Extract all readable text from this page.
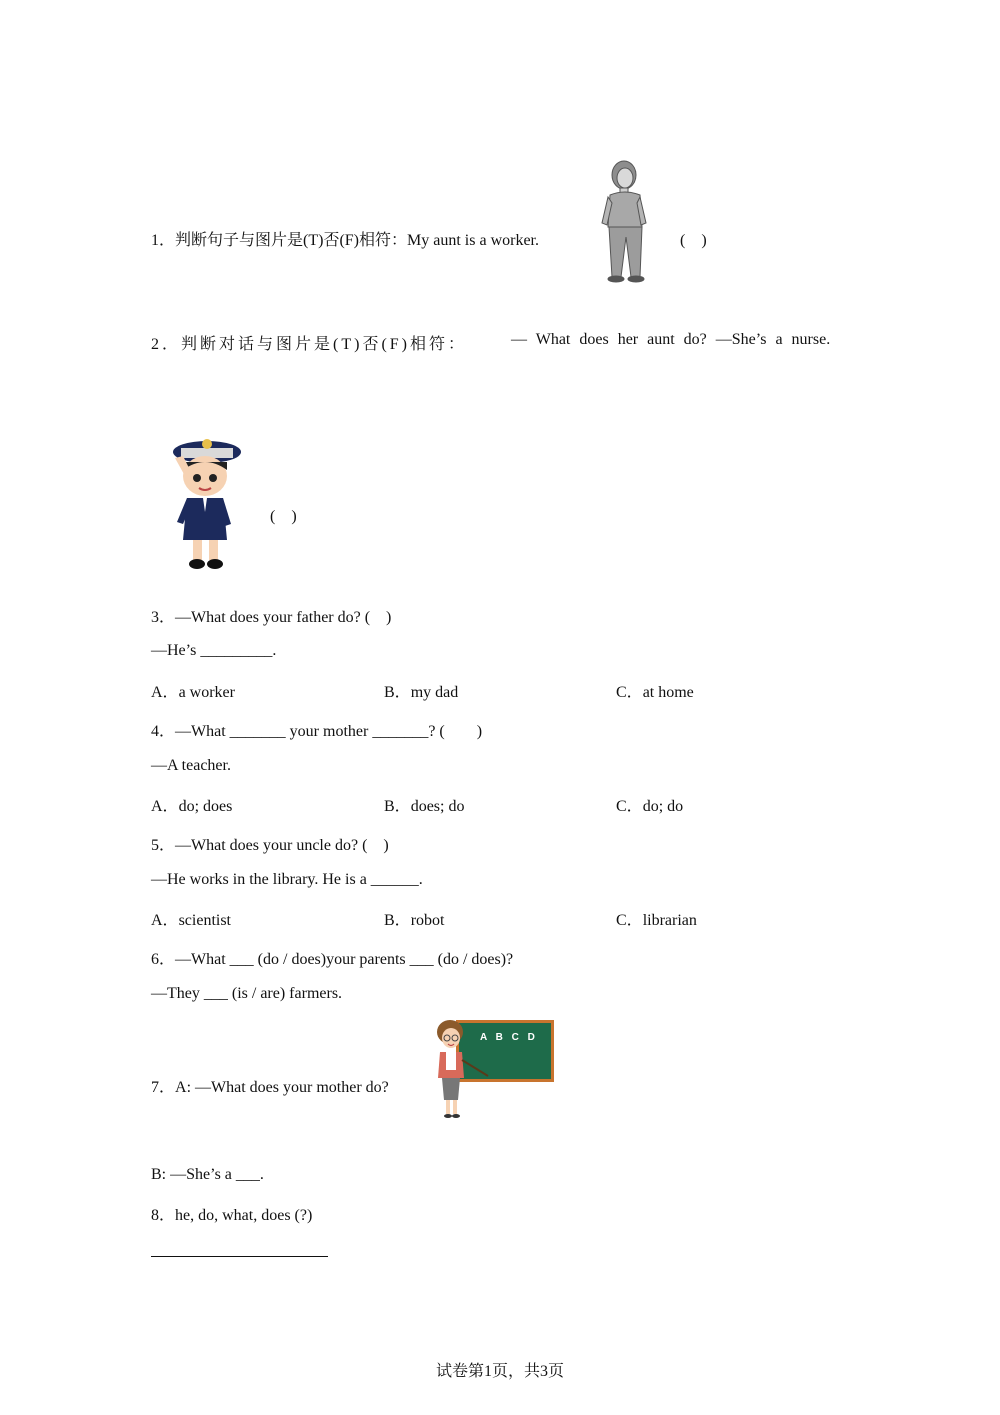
1．判断句子与图片是(T)否(F)相符：My aunt is a worker.	(　)
2．判断对话与图片是(T)否(F)相符：	— What does her aunt do? —She’s a nurse.
(　)
3．—What does your father do? (　)
—He’s _________.
A．a worker	B．my dad	C．at home
4．—What _______ your mother _______? (　　)
—A teacher.
A．do; does	B．does; do	C．do; do
5．—What does your uncle do? (　)
—He works in the library. He is a ______.
A．scientist	B．robot	C．librarian
6．—What ___ (do / does)your parents ___ (do / does)?
—They ___ (is / are) farmers.
7．A: —What does your mother do?
A B C D
B: —She’s a ___.
8．he, do, what, does (?)
试卷第1页，共3页
